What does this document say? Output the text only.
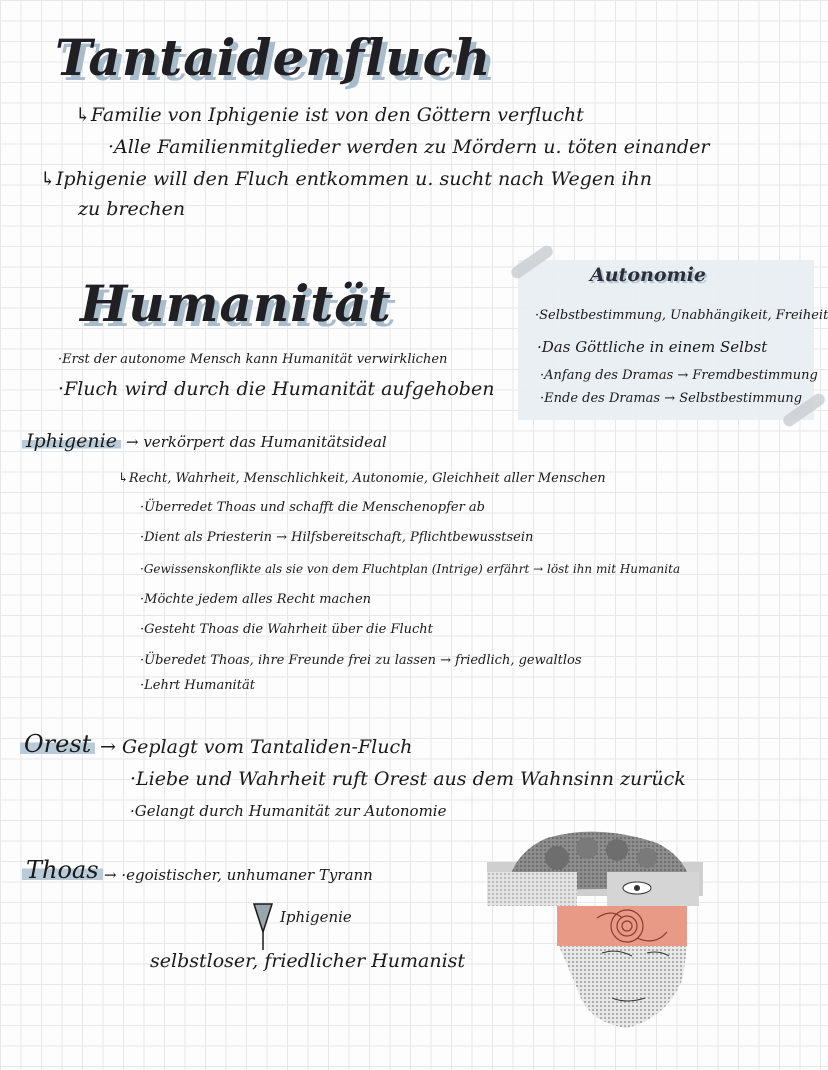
Tantaidenfluch
↳Familie von Iphigenie ist von den Göttern verflucht
·Alle Familienmitglieder werden zu Mördern u. töten einander
↳Iphigenie will den Fluch entkommen u. sucht nach Wegen ihn
zu brechen
Autonomie
·Selbstbestimmung, Unabhängikeit, Freiheit
·Das Göttliche in einem Selbst
·Anfang des Dramas → Fremdbestimmung
·Ende des Dramas → Selbstbestimmung
Humanität
·Erst der autonome Mensch kann Humanität verwirklichen
·Fluch wird durch die Humanität aufgehoben
Iphigenie → verkörpert das Humanitätsideal
↳Recht, Wahrheit, Menschlichkeit, Autonomie, Gleichheit aller Menschen
·Überredet Thoas und schafft die Menschenopfer ab
·Dient als Priesterin → Hilfsbereitschaft, Pflichtbewusstsein
·Gewissenskonflikte als sie von dem Fluchtplan (Intrige) erfährt → löst ihn mit Humanita
·Möchte jedem alles Recht machen
·Gesteht Thoas die Wahrheit über die Flucht
·Überedet Thoas, ihre Freunde frei zu lassen → friedlich, gewaltlos
·Lehrt Humanität
Orest → Geplagt vom Tantaliden-Fluch
·Liebe und Wahrheit ruft Orest aus dem Wahnsinn zurück
·Gelangt durch Humanität zur Autonomie
Thoas → ·egoistischer, unhumaner Tyrann
Iphigenie
selbstloser, friedlicher Humanist
